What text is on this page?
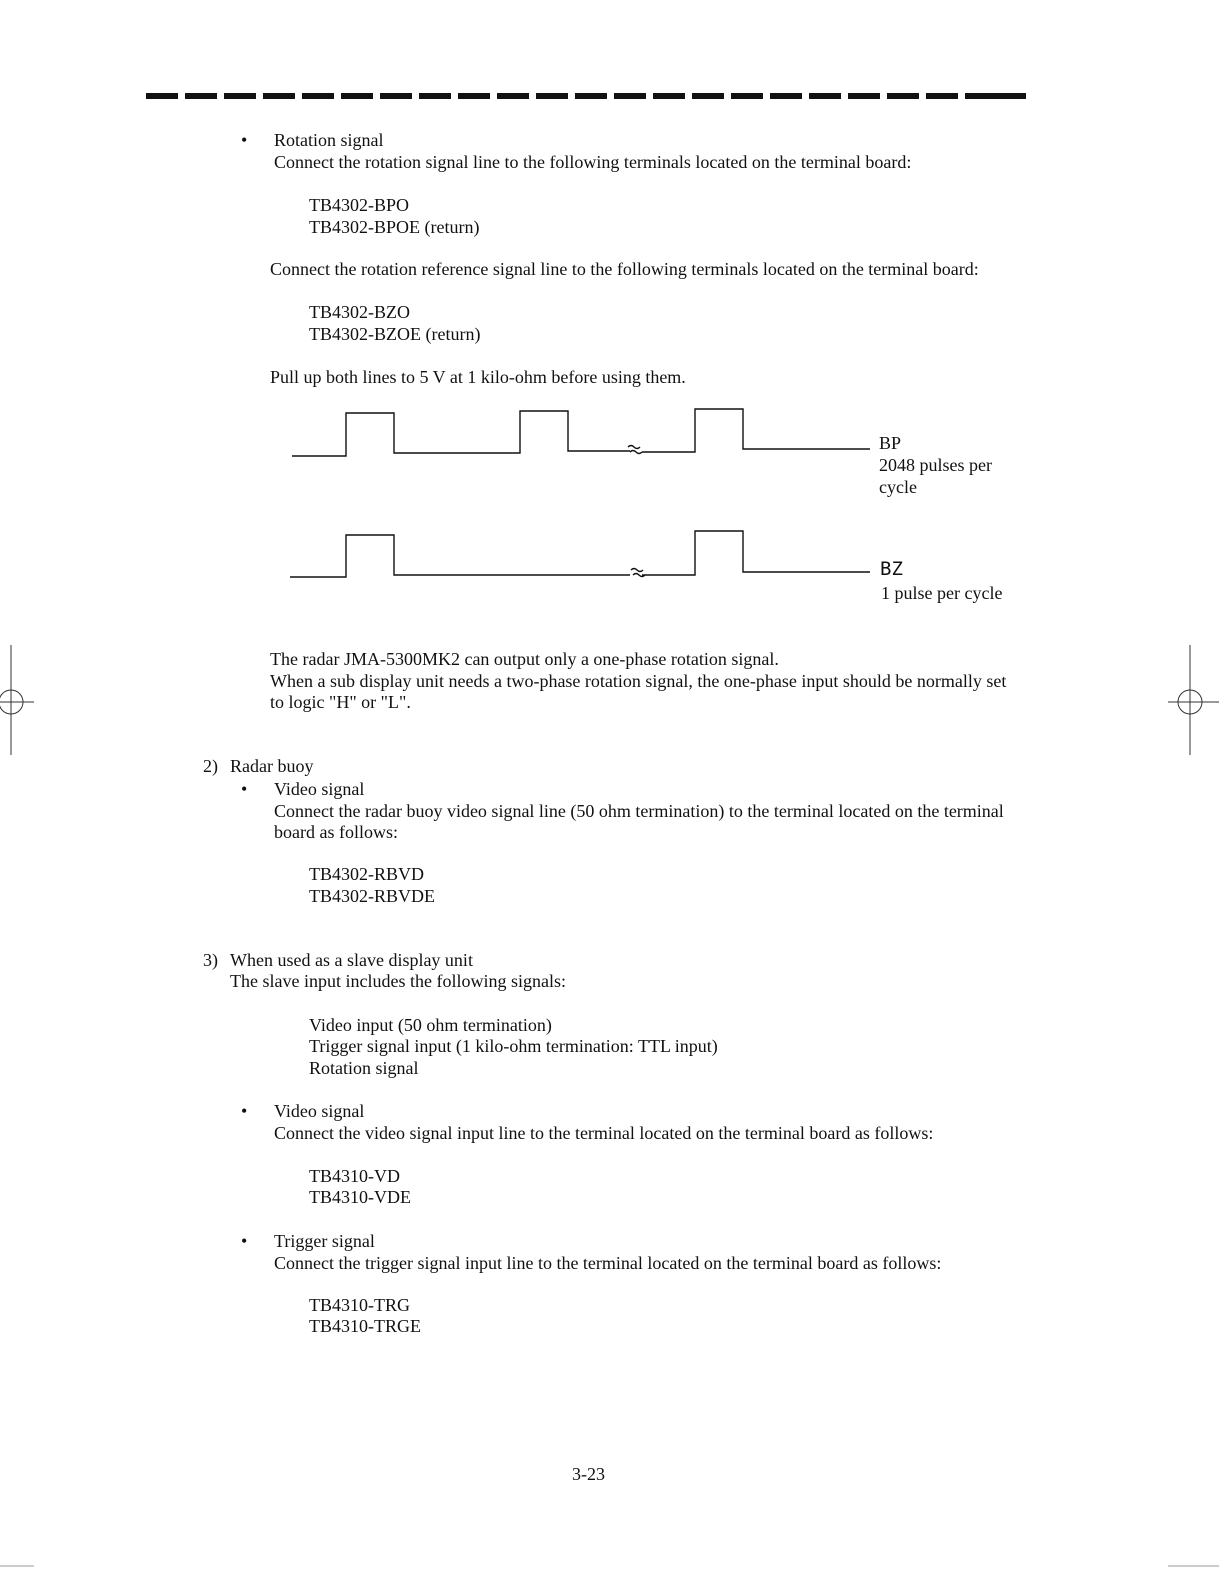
• Rotation signal
Connect the rotation signal line to the following terminals located on the terminal board:
TB4302-BPO
TB4302-BPOE (return)
Connect the rotation reference signal line to the following terminals located on the terminal board:
TB4302-BZO
TB4302-BZOE (return)
Pull up both lines to 5 V at 1 kilo-ohm before using them.
BP
2048 pulses per
cycle
BZ
1 pulse per cycle
The radar JMA-5300MK2 can output only a one-phase rotation signal.
When a sub display unit needs a two-phase rotation signal, the one-phase input should be normally set
to logic "H" or "L".
2) Radar buoy
• Video signal
Connect the radar buoy video signal line (50 ohm termination) to the terminal located on the terminal
board as follows:
TB4302-RBVD
TB4302-RBVDE
3) When used as a slave display unit
The slave input includes the following signals:
Video input (50 ohm termination)
Trigger signal input (1 kilo-ohm termination: TTL input)
Rotation signal
• Video signal
Connect the video signal input line to the terminal located on the terminal board as follows:
TB4310-VD
TB4310-VDE
• Trigger signal
Connect the trigger signal input line to the terminal located on the terminal board as follows:
TB4310-TRG
TB4310-TRGE
3-23
